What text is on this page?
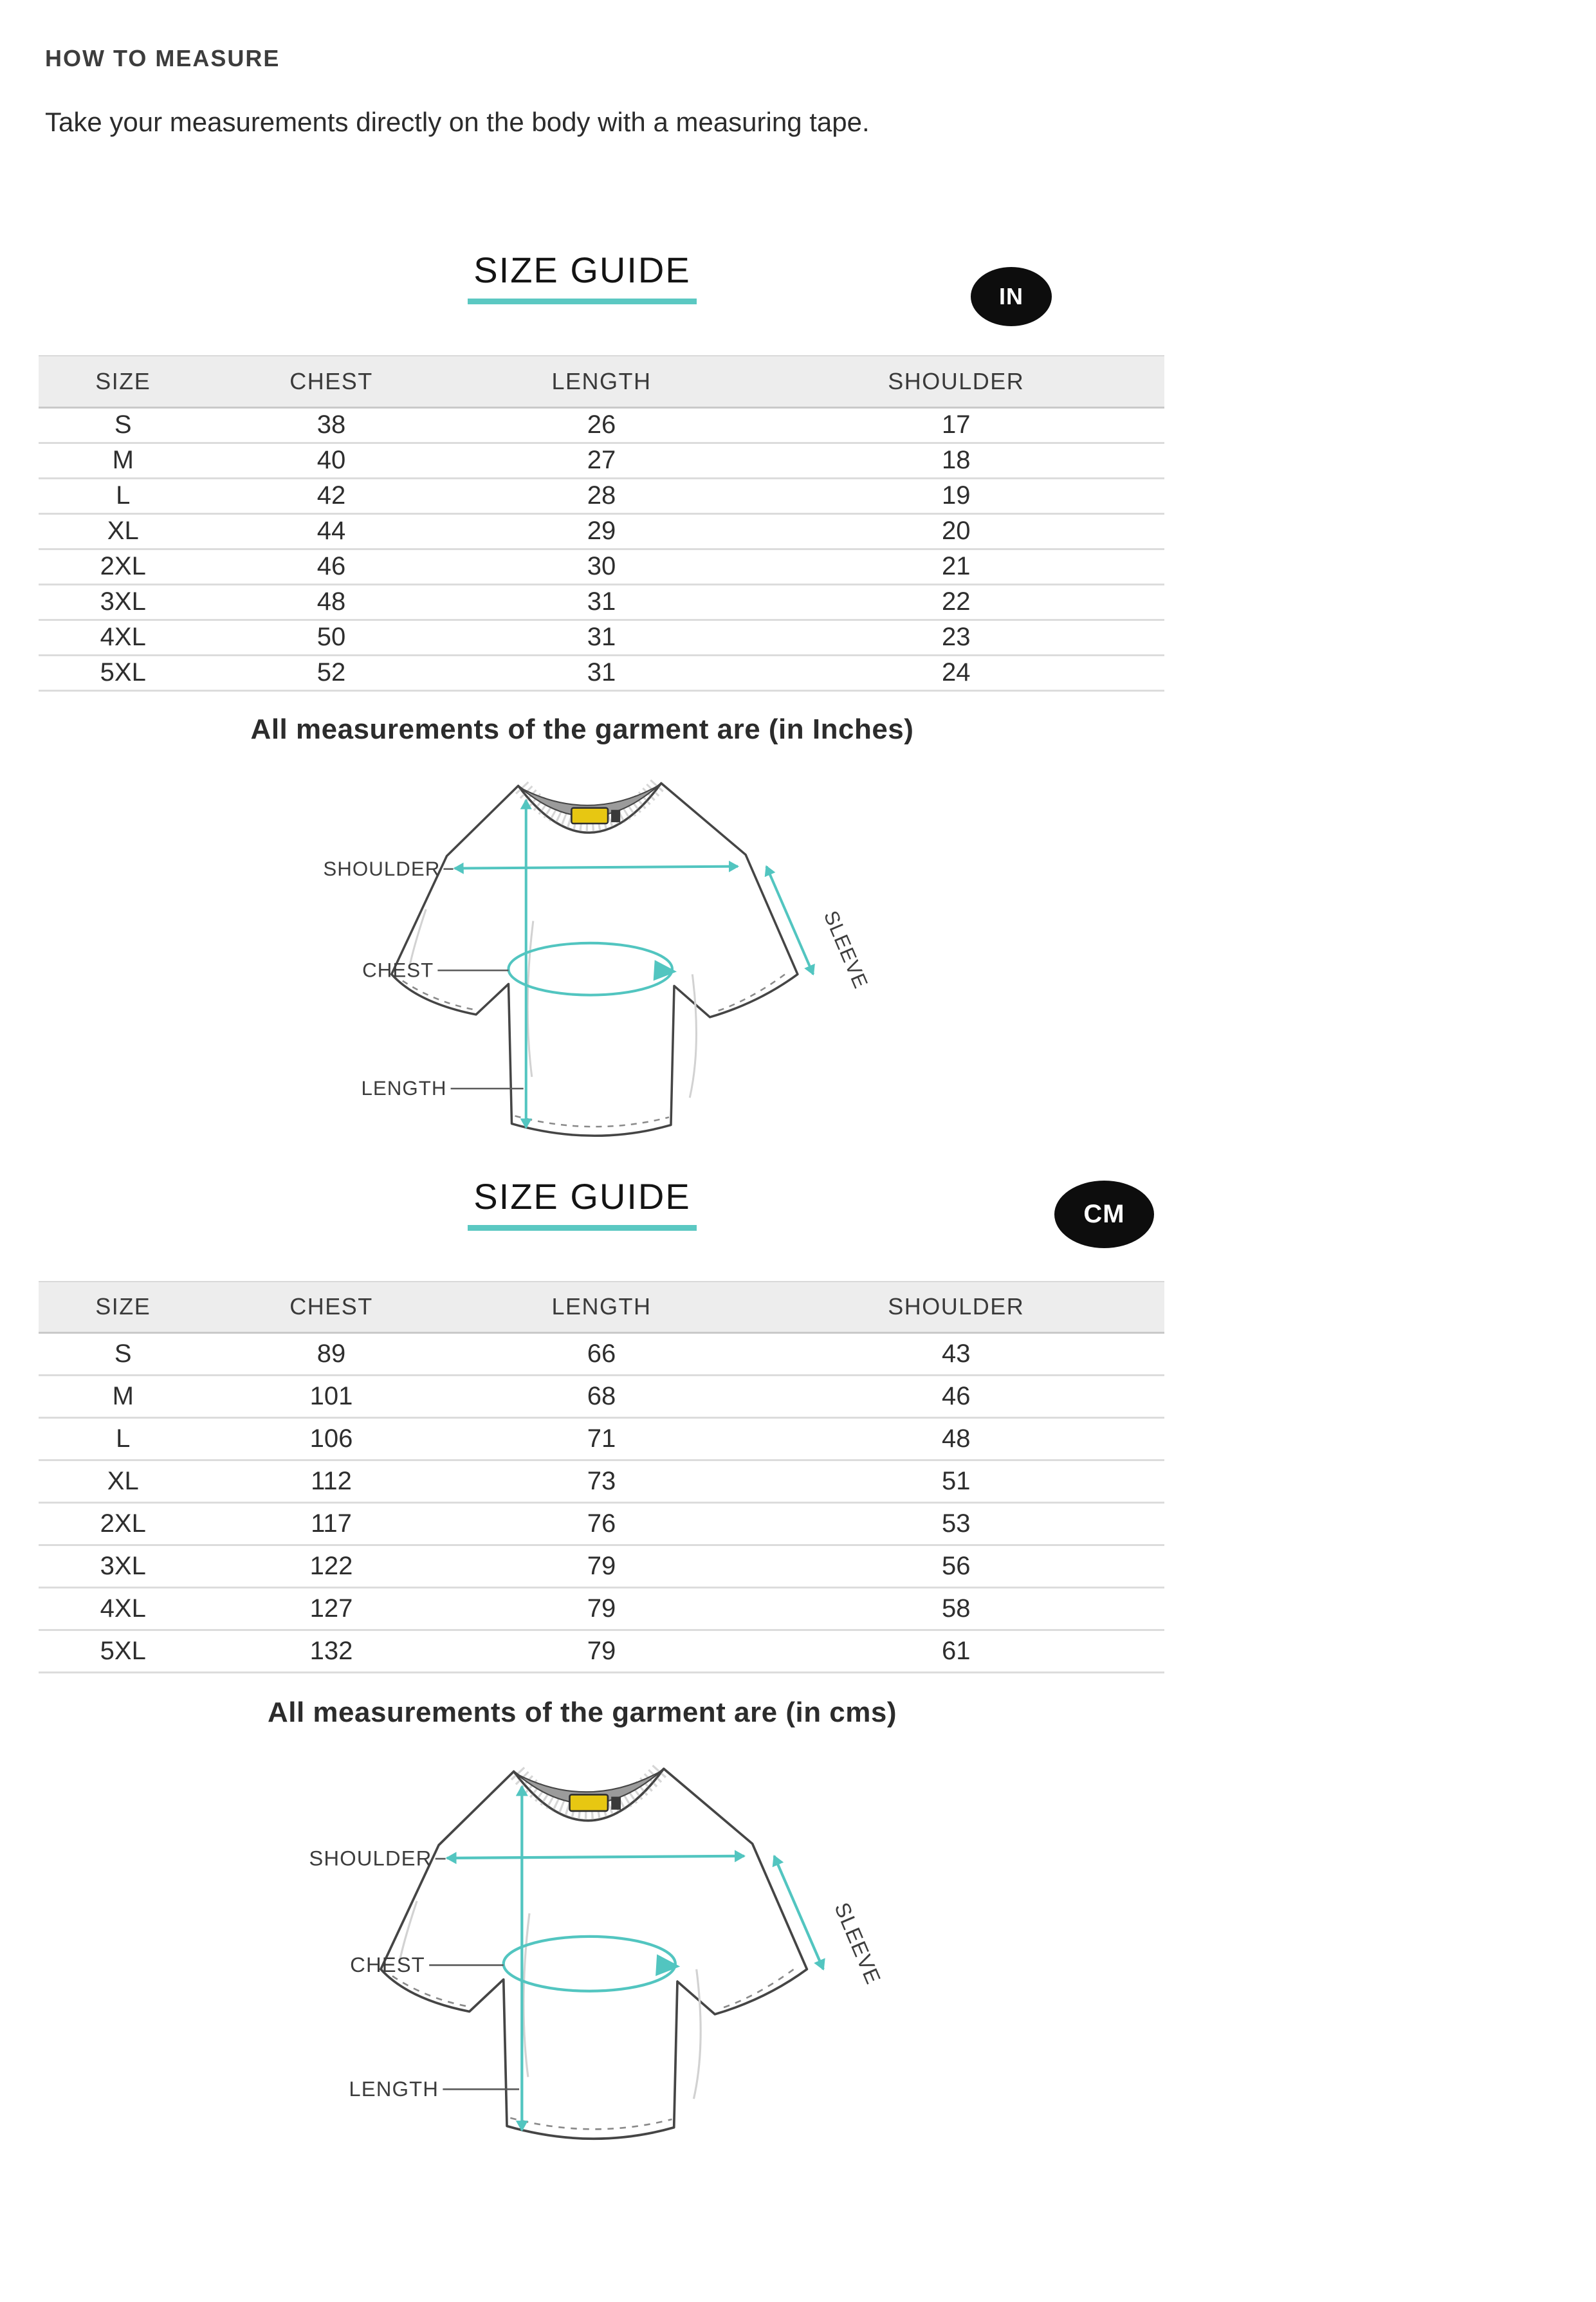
HOW TO MEASURE
Take your measurements directly on the body with a measuring tape.
SIZE GUIDE
IN
SIZE	CHEST	LENGTH	SHOULDER
S	38	26	17
M	40	27	18
L	42	28	19
XL	44	29	20
2XL	46	30	21
3XL	48	31	22
4XL	50	31	23
5XL	52	31	24
All measurements of the garment are (in Inches)
SHOULDER
CHEST
LENGTH
SLEEVE
SIZE GUIDE	CM
SIZE	CHEST	LENGTH	SHOULDER
S	89	66	43
M	101	68	46
L	106	71	48
XL	112	73	51
2XL	117	76	53
3XL	122	79	56
4XL	127	79	58
5XL	132	79	61
All measurements of the garment are (in cms)
SHOULDER
CHEST
LENGTH
SLEEVE
